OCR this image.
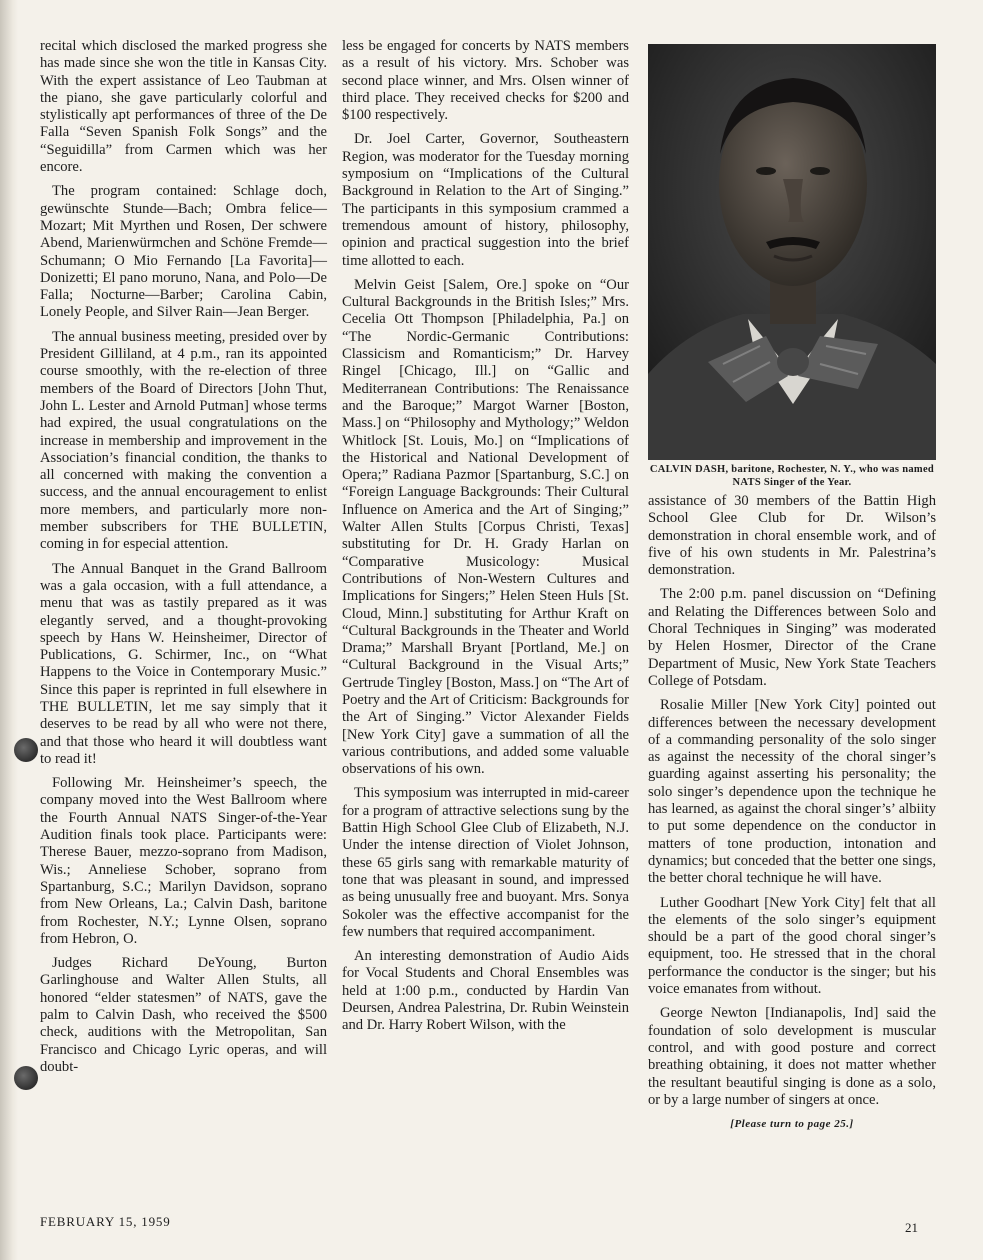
recital which disclosed the marked progress she has made since she won the title in Kansas City. With the expert assistance of Leo Taubman at the piano, she gave particularly colorful and stylistically apt performances of three of the De Falla “Seven Spanish Folk Songs” and the “Seguidilla” from Carmen which was her encore.

The program contained: Schlage doch, gewünschte Stunde—Bach; Ombra felice—Mozart; Mit Myrthen und Rosen, Der schwere Abend, Marienwürmchen and Schöne Fremde—Schumann; O Mio Fernando [La Favorita]—Donizetti; El pano moruno, Nana, and Polo—De Falla; Nocturne—Barber; Carolina Cabin, Lonely People, and Silver Rain—Jean Berger.

The annual business meeting, presided over by President Gilliland, at 4 p.m., ran its appointed course smoothly, with the re-election of three members of the Board of Directors [John Thut, John L. Lester and Arnold Putman] whose terms had expired, the usual congratulations on the increase in membership and improvement in the Association’s financial condition, the thanks to all concerned with making the convention a success, and the annual encouragement to enlist more members, and particularly more non-member subscribers for THE BULLETIN, coming in for especial attention.

The Annual Banquet in the Grand Ballroom was a gala occasion, with a full attendance, a menu that was as tastily prepared as it was elegantly served, and a thought-provoking speech by Hans W. Heinsheimer, Director of Publications, G. Schirmer, Inc., on “What Happens to the Voice in Contemporary Music.” Since this paper is reprinted in full elsewhere in THE BULLETIN, let me say simply that it deserves to be read by all who were not there, and that those who heard it will doubtless want to read it!

Following Mr. Heinsheimer’s speech, the company moved into the West Ballroom where the Fourth Annual NATS Singer-of-the-Year Audition finals took place. Participants were: Therese Bauer, mezzo-soprano from Madison, Wis.; Anneliese Schober, soprano from Spartanburg, S.C.; Marilyn Davidson, soprano from New Orleans, La.; Calvin Dash, baritone from Rochester, N.Y.; Lynne Olsen, soprano from Hebron, O.

Judges Richard DeYoung, Burton Garlinghouse and Walter Allen Stults, all honored “elder statesmen” of NATS, gave the palm to Calvin Dash, who received the $500 check, auditions with the Metropolitan, San Francisco and Chicago Lyric operas, and will doubt-

less be engaged for concerts by NATS members as a result of his victory. Mrs. Schober was second place winner, and Mrs. Olsen winner of third place. They received checks for $200 and $100 respectively.

Dr. Joel Carter, Governor, Southeastern Region, was moderator for the Tuesday morning symposium on “Implications of the Cultural Background in Relation to the Art of Singing.” The participants in this symposium crammed a tremendous amount of history, philosophy, opinion and practical suggestion into the brief time allotted to each.

Melvin Geist [Salem, Ore.] spoke on “Our Cultural Backgrounds in the British Isles;” Mrs. Cecelia Ott Thompson [Philadelphia, Pa.] on “The Nordic-Germanic Contributions: Classicism and Romanticism;” Dr. Harvey Ringel [Chicago, Ill.] on “Gallic and Mediterranean Contributions: The Renaissance and the Baroque;” Margot Warner [Boston, Mass.] on “Philosophy and Mythology;” Weldon Whitlock [St. Louis, Mo.] on “Implications of the Historical and National Development of Opera;” Radiana Pazmor [Spartanburg, S.C.] on “Foreign Language Backgrounds: Their Cultural Influence on America and the Art of Singing;” Walter Allen Stults [Corpus Christi, Texas] substituting for Dr. H. Grady Harlan on “Comparative Musicology: Musical Contributions of Non-Western Cultures and Implications for Singers;” Helen Steen Huls [St. Cloud, Minn.] substituting for Arthur Kraft on “Cultural Backgrounds in the Theater and World Drama;” Marshall Bryant [Portland, Me.] on “Cultural Background in the Visual Arts;” Gertrude Tingley [Boston, Mass.] on “The Art of Poetry and the Art of Criticism: Backgrounds for the Art of Singing.” Victor Alexander Fields [New York City] gave a summation of all the various contributions, and added some valuable observations of his own.

This symposium was interrupted in mid-career for a program of attractive selections sung by the Battin High School Glee Club of Elizabeth, N.J. Under the intense direction of Violet Johnson, these 65 girls sang with remarkable maturity of tone that was pleasant in sound, and impressed as being unusually free and buoyant. Mrs. Sonya Sokoler was the effective accompanist for the few numbers that required accompaniment.

An interesting demonstration of Audio Aids for Vocal Students and Choral Ensembles was held at 1:00 p.m., conducted by Hardin Van Deursen, Andrea Palestrina, Dr. Rubin Weinstein and Dr. Harry Robert Wilson, with the

CALVIN DASH, baritone, Rochester, N. Y., who was named NATS Singer of the Year.

assistance of 30 members of the Battin High School Glee Club for Dr. Wilson’s demonstration in choral ensemble work, and of five of his own students in Mr. Palestrina’s demonstration.

The 2:00 p.m. panel discussion on “Defining and Relating the Differences between Solo and Choral Techniques in Singing” was moderated by Helen Hosmer, Director of the Crane Department of Music, New York State Teachers College of Potsdam.

Rosalie Miller [New York City] pointed out differences between the necessary development of a commanding personality of the solo singer as against the necessity of the choral singer’s guarding against asserting his personality; the solo singer’s dependence upon the technique he has learned, as against the choral singer’s’ albiity to put some dependence on the conductor in matters of tone production, intonation and dynamics; but conceded that the better one sings, the better choral technique he will have.

Luther Goodhart [New York City] felt that all the elements of the solo singer’s equipment should be a part of the good choral singer’s equipment, too. He stressed that in the choral performance the conductor is the singer; but his voice emanates from without.

George Newton [Indianapolis, Ind] said the foundation of solo development is muscular control, and with good posture and correct breathing obtaining, it does not matter whether the resultant beautiful singing is done as a solo, or by a large number of singers at once.

[Please turn to page 25.]
FEBRUARY 15, 1959	21
